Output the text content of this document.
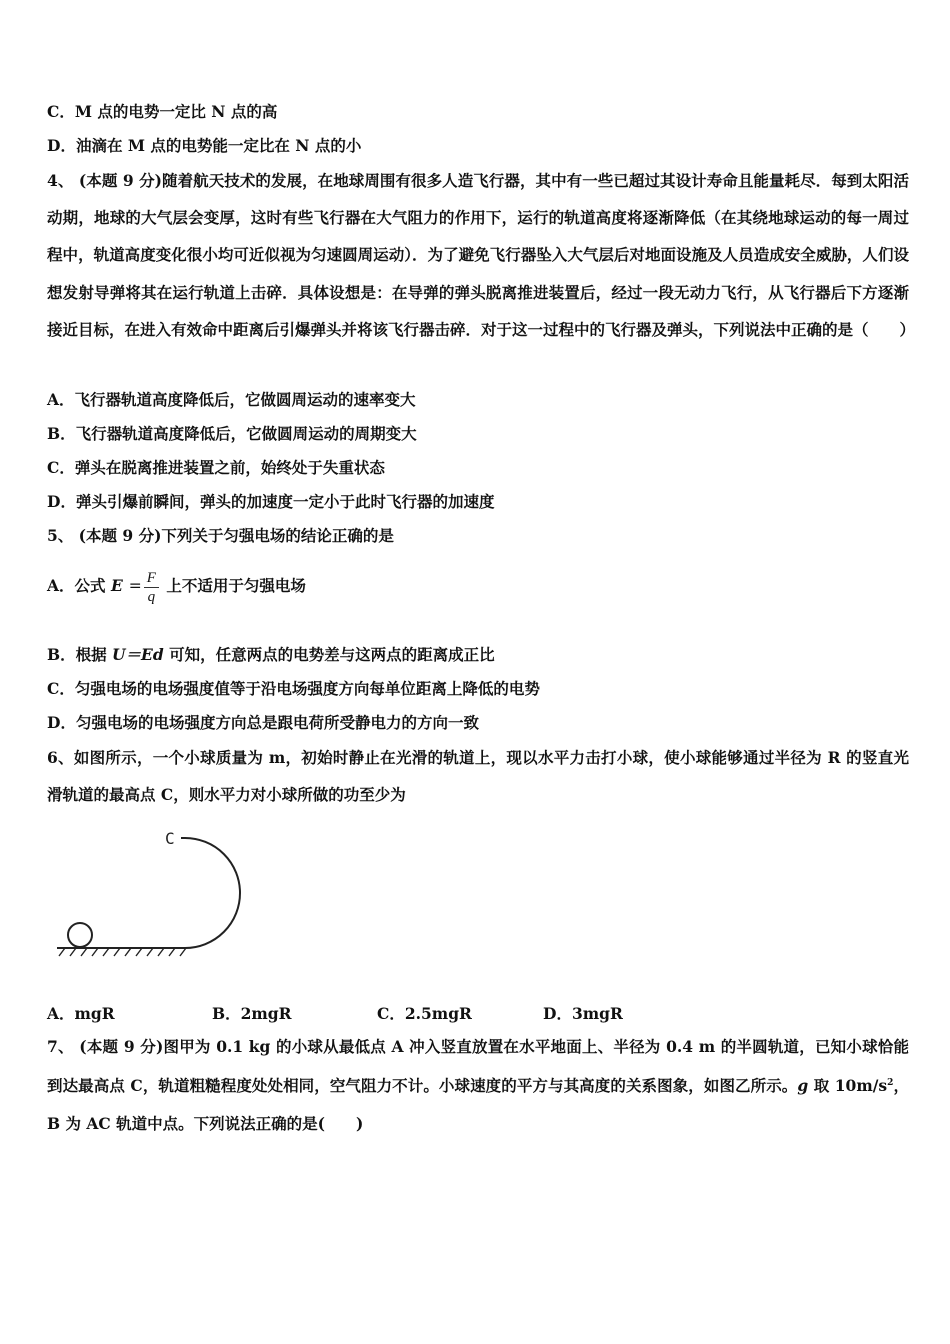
C．M 点的电势一定比 N 点的高
D．油滴在 M 点的电势能一定比在 N 点的小
4、 (本题 9 分)随着航天技术的发展，在地球周围有很多人造飞行器，其中有一些已超过其设计寿命且能量耗尽．每到太阳活动期，地球的大气层会变厚，这时有些飞行器在大气阻力的作用下，运行的轨道高度将逐渐降低（在其绕地球运动的每一周过程中，轨道高度变化很小均可近似视为匀速圆周运动）．为了避免飞行器坠入大气层后对地面设施及人员造成安全威胁，人们设想发射导弹将其在运行轨道上击碎．具体设想是：在导弹的弹头脱离推进装置后，经过一段无动力飞行，从飞行器后下方逐渐接近目标，在进入有效命中距离后引爆弹头并将该飞行器击碎．对于这一过程中的飞行器及弹头，下列说法中正确的是（　　）
A．飞行器轨道高度降低后，它做圆周运动的速率变大
B．飞行器轨道高度降低后，它做圆周运动的周期变大
C．弹头在脱离推进装置之前，始终处于失重状态
D．弹头引爆前瞬间，弹头的加速度一定小于此时飞行器的加速度
5、 (本题 9 分)下列关于匀强电场的结论正确的是
A．公式 $E = \frac{F}{q}$ 上不适用于匀强电场
B．根据 U＝Ed 可知，任意两点的电势差与这两点的距离成正比
C．匀强电场的电场强度值等于沿电场强度方向每单位距离上降低的电势
D．匀强电场的电场强度方向总是跟电荷所受静电力的方向一致
6、如图所示，一个小球质量为 m，初始时静止在光滑的轨道上，现以水平力击打小球，使小球能够通过半径为 R 的竖直光滑轨道的最高点 C，则水平力对小球所做的功至少为
C
A．mgR	B．2mgR	C．2.5mgR	D．3mgR
7、 (本题 9 分)图甲为 0.1 kg 的小球从最低点 A 冲入竖直放置在水平地面上、半径为 0.4 m 的半圆轨道，已知小球恰能到达最高点 C，轨道粗糙程度处处相同，空气阻力不计。小球速度的平方与其高度的关系图象，如图乙所示。g 取 $10m/s^2$，B 为 AC 轨道中点。下列说法正确的是(　　)
